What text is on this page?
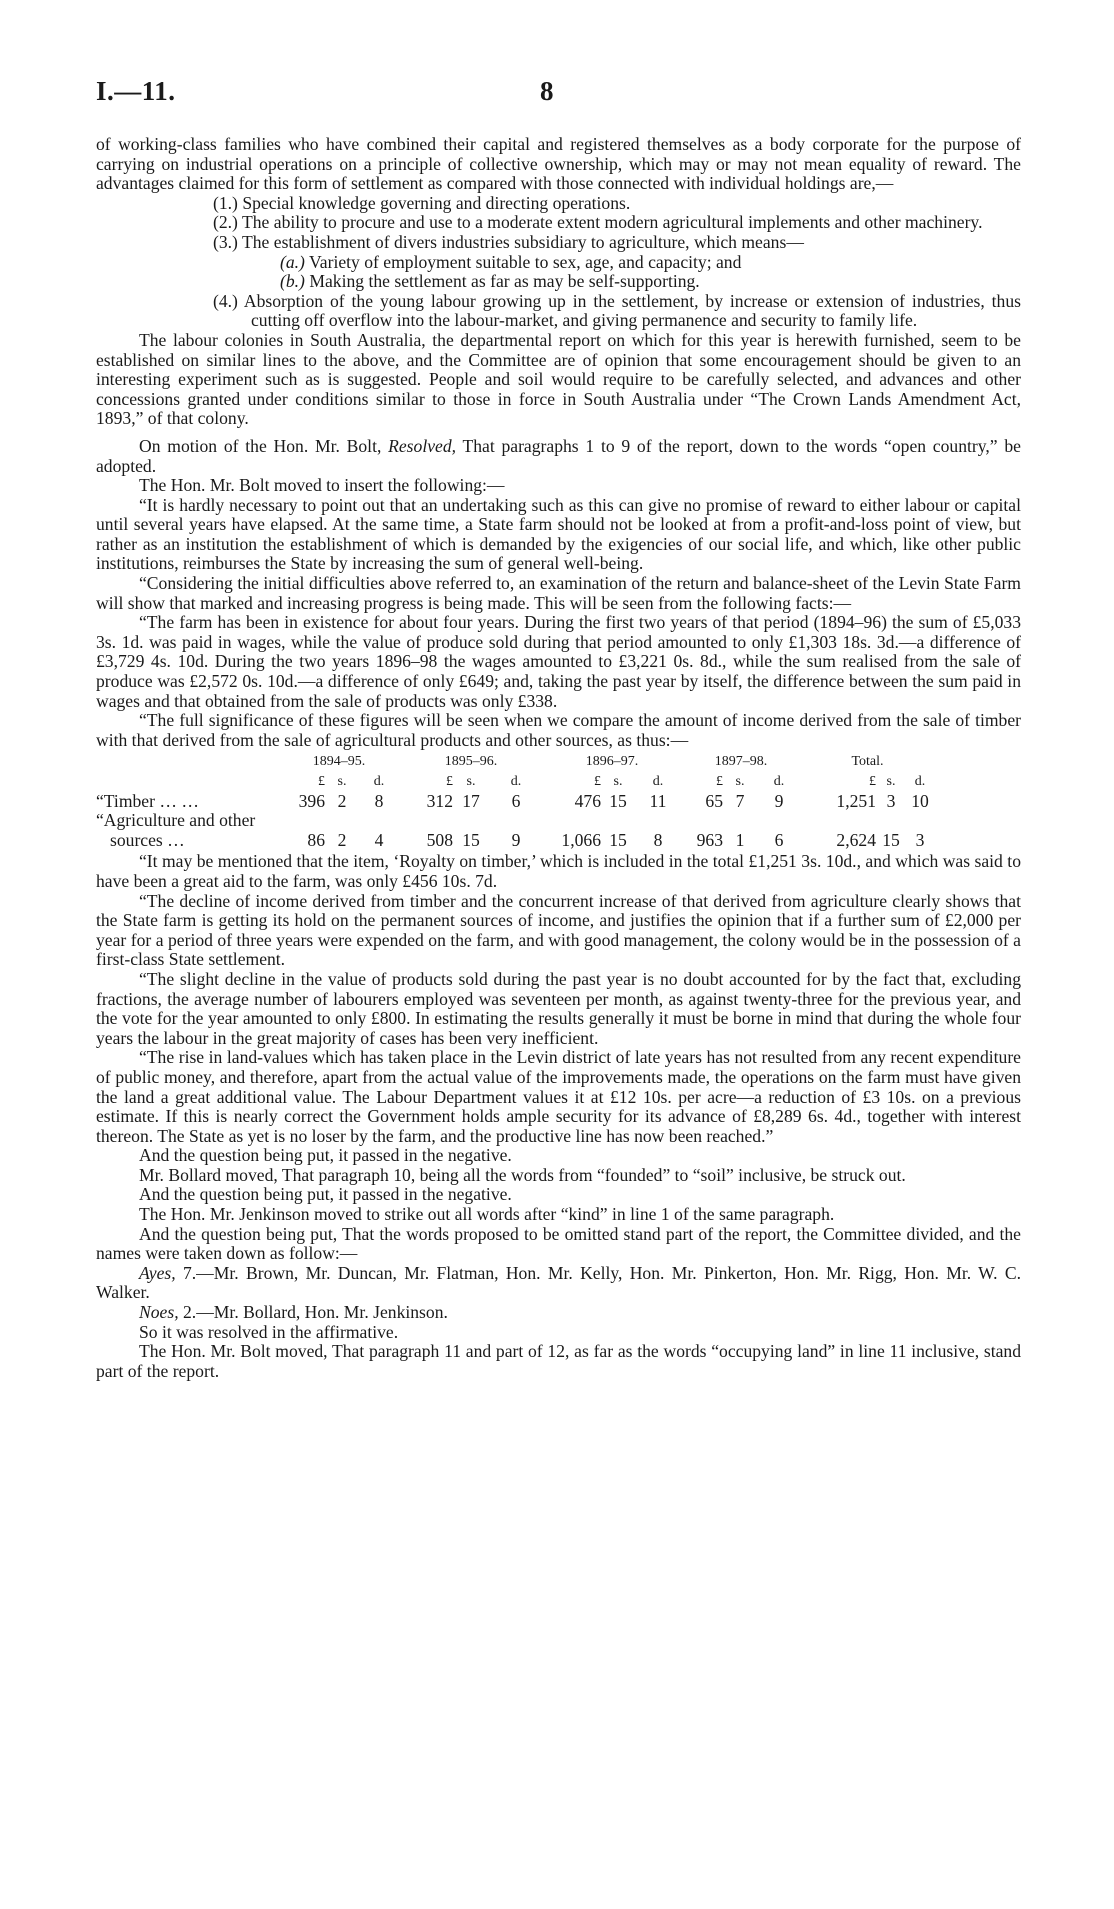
I.—11.	8

of working-class families who have combined their capital and registered themselves as a body corporate for the purpose of carrying on industrial operations on a principle of collective ownership, which may or may not mean equality of reward. The advantages claimed for this form of settlement as compared with those connected with individual holdings are,—

(1.) Special knowledge governing and directing operations.

(2.) The ability to procure and use to a moderate extent modern agricultural implements and other machinery.

(3.) The establishment of divers industries subsidiary to agriculture, which means—

(a.) Variety of employment suitable to sex, age, and capacity; and

(b.) Making the settlement as far as may be self-supporting.

(4.) Absorption of the young labour growing up in the settlement, by increase or extension of industries, thus cutting off overflow into the labour-market, and giving permanence and security to family life.

The labour colonies in South Australia, the departmental report on which for this year is herewith furnished, seem to be established on similar lines to the above, and the Committee are of opinion that some encouragement should be given to an interesting experiment such as is suggested. People and soil would require to be carefully selected, and advances and other concessions granted under conditions similar to those in force in South Australia under “The Crown Lands Amendment Act, 1893,” of that colony.

On motion of the Hon. Mr. Bolt, Resolved, That paragraphs 1 to 9 of the report, down to the words “open country,” be adopted.

The Hon. Mr. Bolt moved to insert the following:—

“It is hardly necessary to point out that an undertaking such as this can give no promise of reward to either labour or capital until several years have elapsed. At the same time, a State farm should not be looked at from a profit-and-loss point of view, but rather as an institution the establishment of which is demanded by the exigencies of our social life, and which, like other public institutions, reimburses the State by increasing the sum of general well-being.

“Considering the initial difficulties above referred to, an examination of the return and balance-sheet of the Levin State Farm will show that marked and increasing progress is being made. This will be seen from the following facts:—

“The farm has been in existence for about four years. During the first two years of that period (1894–96) the sum of £5,033 3s. 1d. was paid in wages, while the value of produce sold during that period amounted to only £1,303 18s. 3d.—a difference of £3,729 4s. 10d. During the two years 1896–98 the wages amounted to £3,221 0s. 8d., while the sum realised from the sale of produce was £2,572 0s. 10d.—a difference of only £649; and, taking the past year by itself, the difference between the sum paid in wages and that obtained from the sale of products was only £338.

“The full significance of these figures will be seen when we compare the amount of income derived from the sale of timber with that derived from the sale of agricultural products and other sources, as thus:—

	1894–95.			1895–96.			1896–97.			1897–98.			Total.		
	£	s.	d.	£	s.	d.	£	s.	d.	£	s.	d.	£	s.	d.
“Timber … …	396	2	8	312	17	6	476	15	11	65	7	9	1,251	3	10
“Agriculture and other															
sources …	86	2	4	508	15	9	1,066	15	8	963	1	6	2,624	15	3

“It may be mentioned that the item, ‘Royalty on timber,’ which is included in the total £1,251 3s. 10d., and which was said to have been a great aid to the farm, was only £456 10s. 7d.

“The decline of income derived from timber and the concurrent increase of that derived from agriculture clearly shows that the State farm is getting its hold on the permanent sources of income, and justifies the opinion that if a further sum of £2,000 per year for a period of three years were expended on the farm, and with good management, the colony would be in the possession of a first-class State settlement.

“The slight decline in the value of products sold during the past year is no doubt accounted for by the fact that, excluding fractions, the average number of labourers employed was seventeen per month, as against twenty-three for the previous year, and the vote for the year amounted to only £800. In estimating the results generally it must be borne in mind that during the whole four years the labour in the great majority of cases has been very inefficient.

“The rise in land-values which has taken place in the Levin district of late years has not resulted from any recent expenditure of public money, and therefore, apart from the actual value of the improvements made, the operations on the farm must have given the land a great additional value. The Labour Department values it at £12 10s. per acre—a reduction of £3 10s. on a previous estimate. If this is nearly correct the Government holds ample security for its advance of £8,289 6s. 4d., together with interest thereon. The State as yet is no loser by the farm, and the productive line has now been reached.”

And the question being put, it passed in the negative.

Mr. Bollard moved, That paragraph 10, being all the words from “founded” to “soil” inclusive, be struck out.

And the question being put, it passed in the negative.

The Hon. Mr. Jenkinson moved to strike out all words after “kind” in line 1 of the same paragraph.

And the question being put, That the words proposed to be omitted stand part of the report, the Committee divided, and the names were taken down as follow:—

Ayes, 7.—Mr. Brown, Mr. Duncan, Mr. Flatman, Hon. Mr. Kelly, Hon. Mr. Pinkerton, Hon. Mr. Rigg, Hon. Mr. W. C. Walker.

Noes, 2.—Mr. Bollard, Hon. Mr. Jenkinson.

So it was resolved in the affirmative.

The Hon. Mr. Bolt moved, That paragraph 11 and part of 12, as far as the words “occupying land” in line 11 inclusive, stand part of the report.
